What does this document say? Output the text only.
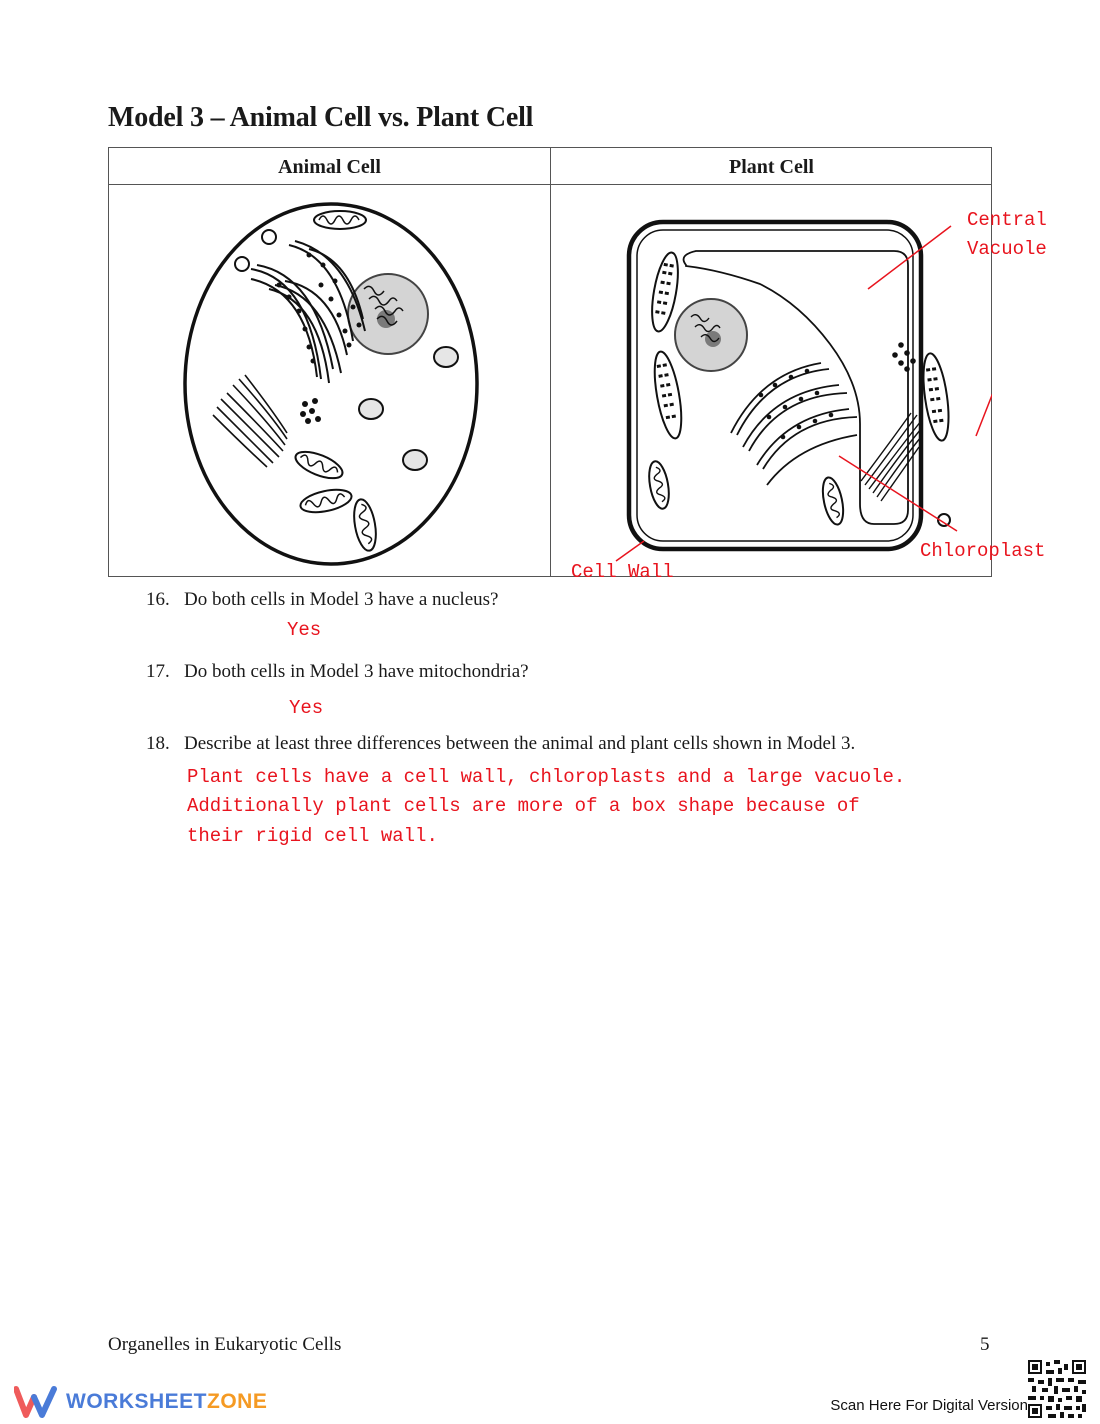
Model 3 – Animal Cell vs. Plant Cell
Animal Cell	Plant Cell
Central
Vacuole
Chloroplast
Cell Wall
16. Do both cells in Model 3 have a nucleus?
Yes
17. Do both cells in Model 3 have mitochondria?
Yes
18. Describe at least three differences between the animal and plant cells shown in Model 3.
Plant cells have a cell wall, chloroplasts and a large vacuole.
Additionally plant cells are more of a box shape because of
their rigid cell wall.
Organelles in Eukaryotic Cells	5
WORKSHEETZONE	Scan Here For Digital Version
